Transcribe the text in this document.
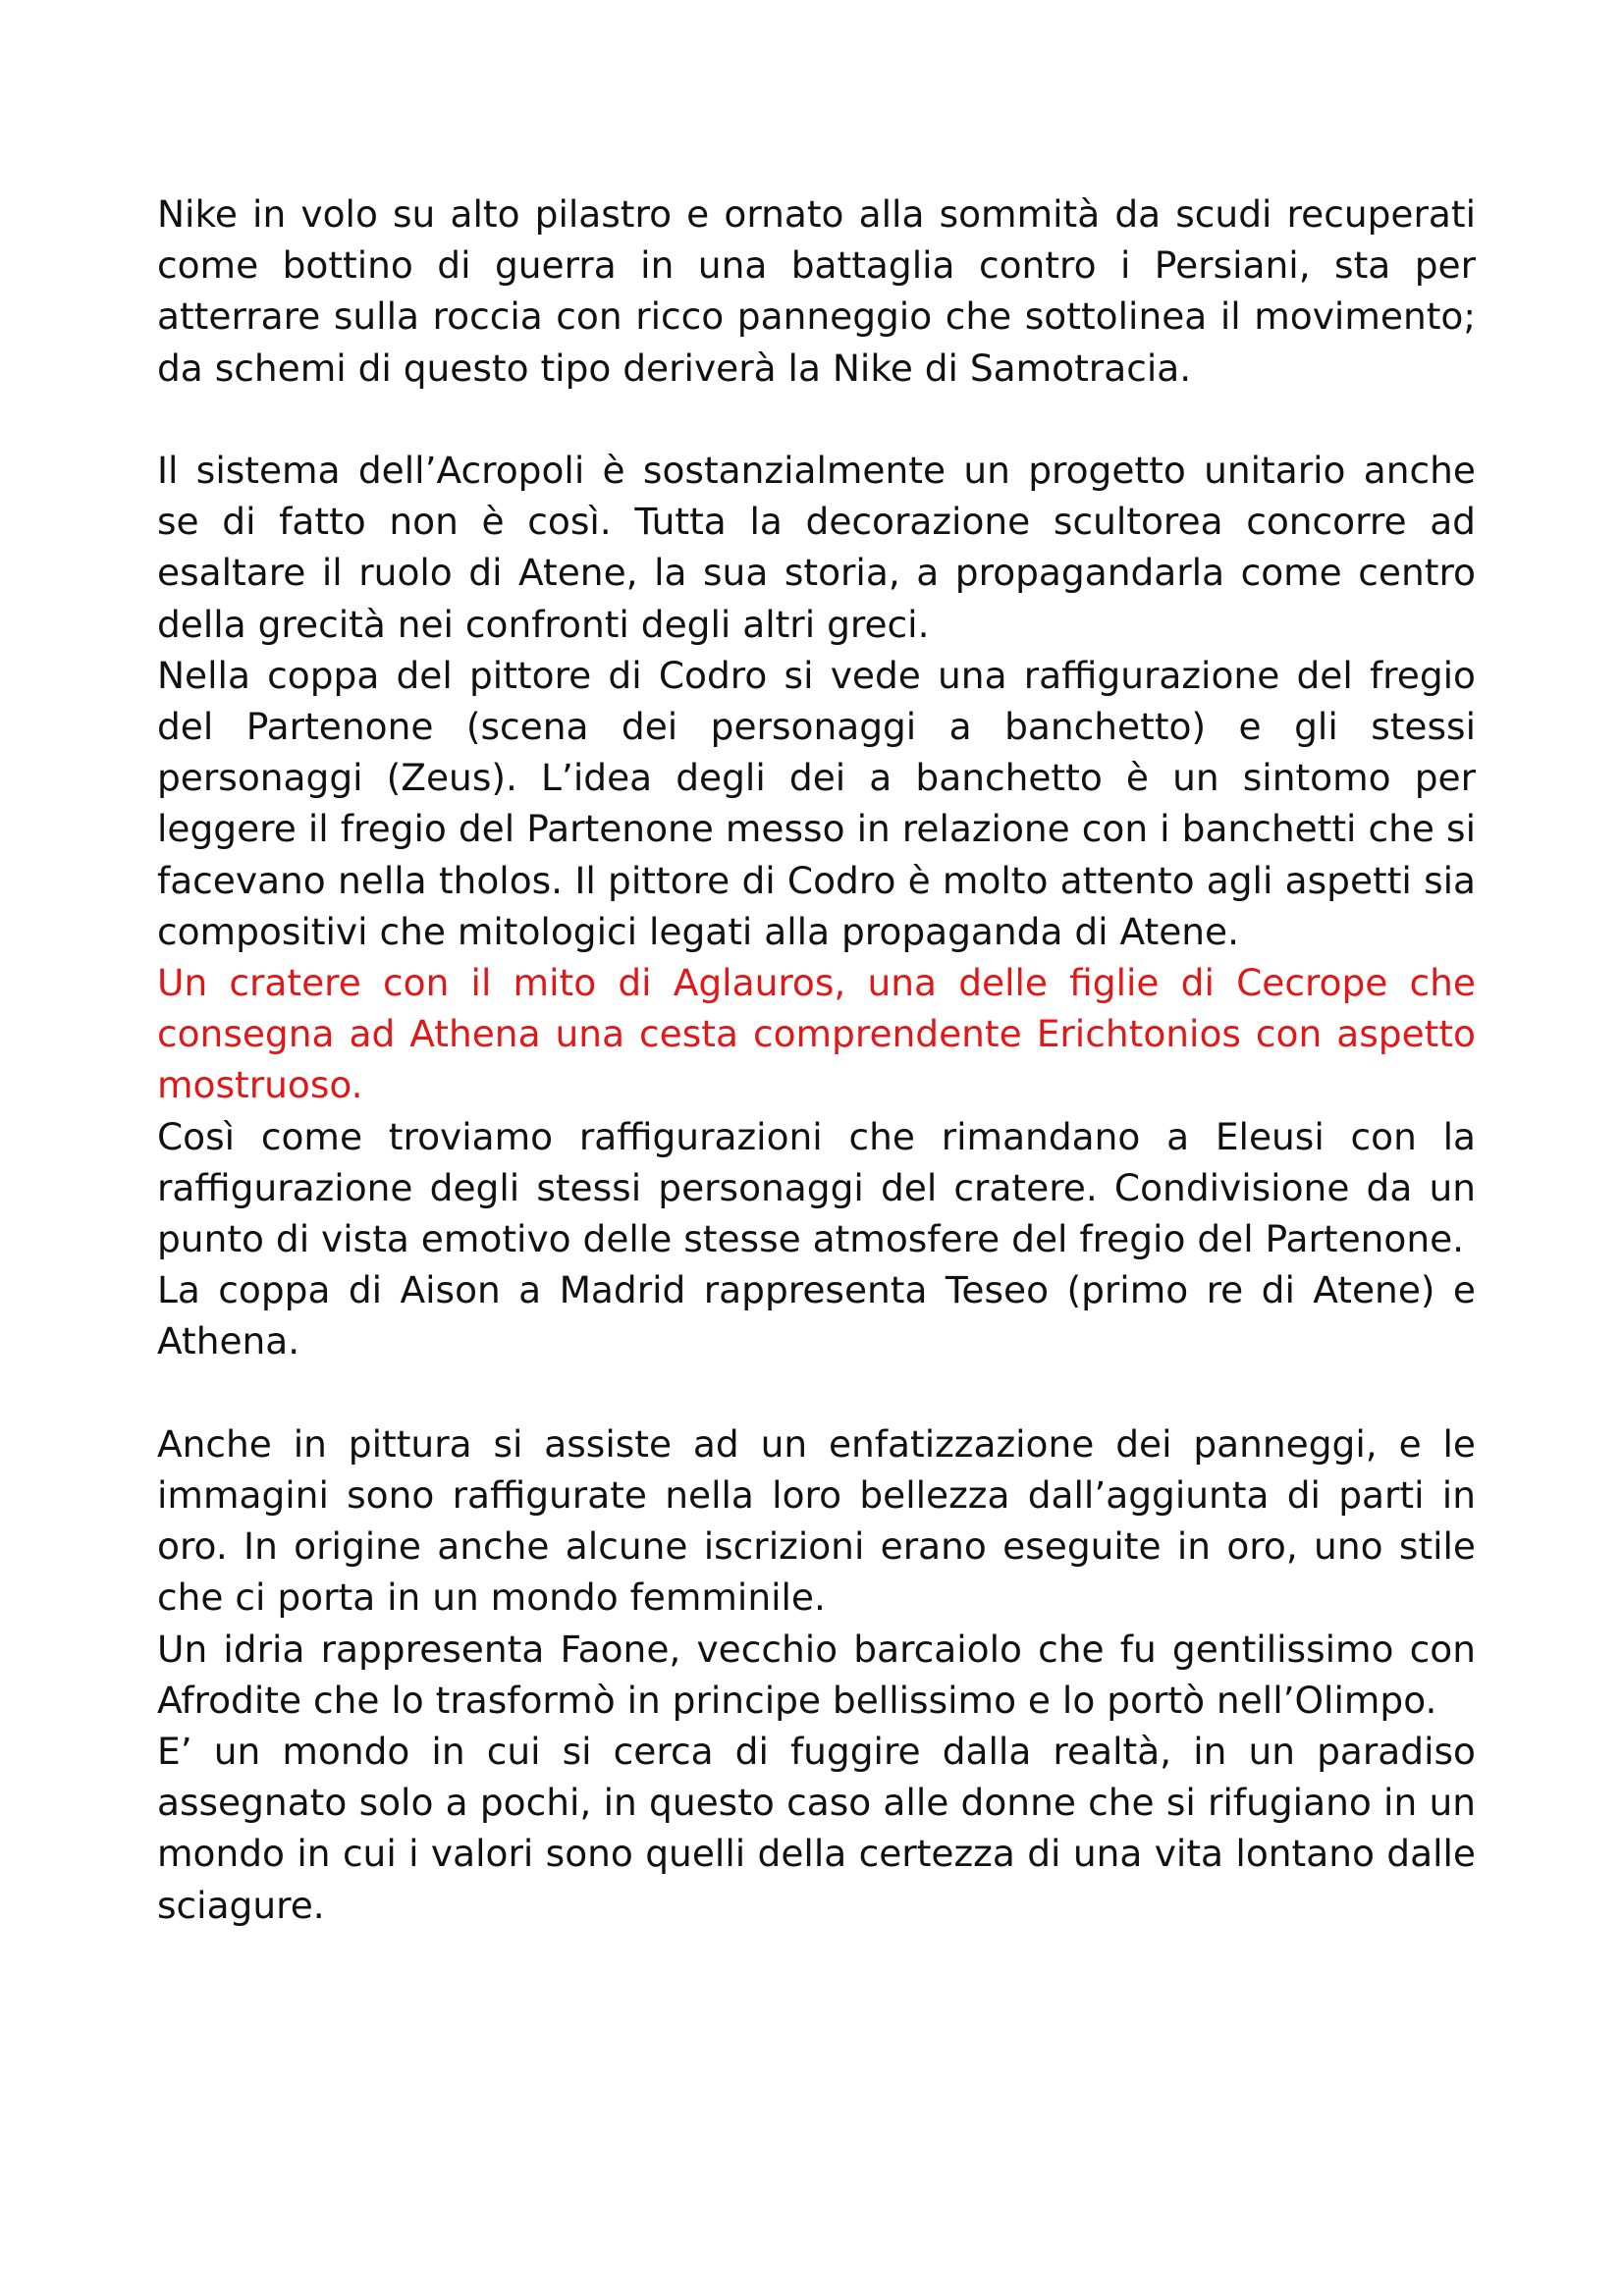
Nike in volo su alto pilastro e ornato alla sommità da scudi recuperati come bottino di guerra in una battaglia contro i Persiani, sta per atterrare sulla roccia con ricco panneggio che sottolinea il movimento; da schemi di questo tipo deriverà la Nike di Samotracia.

Il sistema dell’Acropoli è sostanzialmente un progetto unitario anche se di fatto non è così. Tutta la decorazione scultorea concorre ad esaltare il ruolo di Atene, la sua storia, a propagandarla come centro della grecità nei confronti degli altri greci.

Nella coppa del pittore di Codro si vede una raffigurazione del fregio del Partenone (scena dei personaggi a banchetto) e gli stessi personaggi (Zeus). L’idea degli dei a banchetto è un sintomo per leggere il fregio del Partenone messo in relazione con i banchetti che si facevano nella tholos. Il pittore di Codro è molto attento agli aspetti sia compositivi che mitologici legati alla propaganda di Atene.

Un cratere con il mito di Aglauros, una delle figlie di Cecrope che consegna ad Athena una cesta comprendente Erichtonios con aspetto mostruoso.

Così come troviamo raffigurazioni che rimandano a Eleusi con la raffigurazione degli stessi personaggi del cratere. Condivisione da un punto di vista emotivo delle stesse atmosfere del fregio del Partenone.

La coppa di Aison a Madrid rappresenta Teseo (primo re di Atene) e Athena.

Anche in pittura si assiste ad un enfatizzazione dei panneggi, e le immagini sono raffigurate nella loro bellezza dall’aggiunta di parti in oro. In origine anche alcune iscrizioni erano eseguite in oro, uno stile che ci porta in un mondo femminile.

Un idria rappresenta Faone, vecchio barcaiolo che fu gentilissimo con Afrodite che lo trasformò in principe bellissimo e lo portò nell’Olimpo.

E’ un mondo in cui si cerca di fuggire dalla realtà, in un paradiso assegnato solo a pochi, in questo caso alle donne che si rifugiano in un mondo in cui i valori sono quelli della certezza di una vita lontano dalle sciagure.
